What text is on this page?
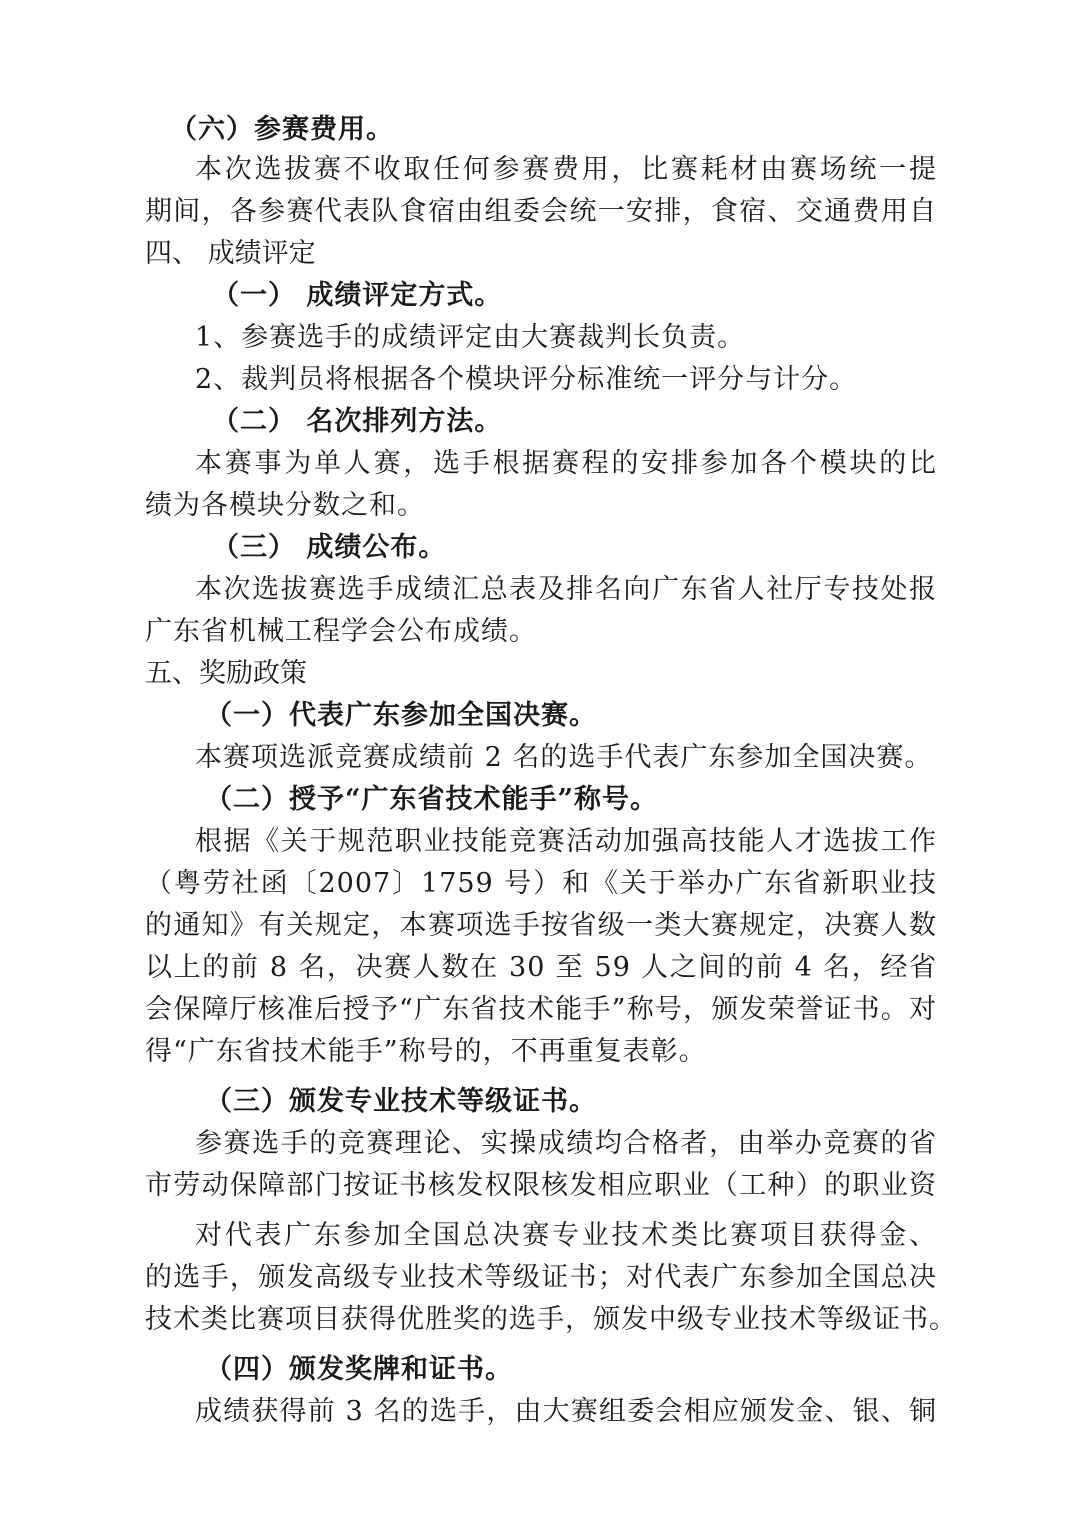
（六）参赛费用。
本次选拔赛不收取任何参赛费用，比赛耗材由赛场统一提
期间，各参赛代表队食宿由组委会统一安排，食宿、交通费用自
四、 成绩评定
（一） 成绩评定方式。
1、参赛选手的成绩评定由大赛裁判长负责。
2、裁判员将根据各个模块评分标准统一评分与计分。
（二） 名次排列方法。
本赛事为单人赛，选手根据赛程的安排参加各个模块的比
绩为各模块分数之和。
（三） 成绩公布。
本次选拔赛选手成绩汇总表及排名向广东省人社厅专技处报
广东省机械工程学会公布成绩。
五、奖励政策
（一）代表广东参加全国决赛。
本赛项选派竞赛成绩前 2 名的选手代表广东参加全国决赛。
（二）授予“广东省技术能手”称号。
根据《关于规范职业技能竞赛活动加强高技能人才选拔工作
（粤劳社函〔2007〕1759 号）和《关于举办广东省新职业技
的通知》有关规定，本赛项选手按省级一类大赛规定，决赛人数
以上的前 8 名，决赛人数在 30 至 59 人之间的前 4 名，经省
会保障厅核准后授予“广东省技术能手”称号，颁发荣誉证书。对
得“广东省技术能手”称号的，不再重复表彰。
（三）颁发专业技术等级证书。
参赛选手的竞赛理论、实操成绩均合格者，由举办竞赛的省
市劳动保障部门按证书核发权限核发相应职业（工种）的职业资
对代表广东参加全国总决赛专业技术类比赛项目获得金、
的选手，颁发高级专业技术等级证书；对代表广东参加全国总决
技术类比赛项目获得优胜奖的选手，颁发中级专业技术等级证书。
（四）颁发奖牌和证书。
成绩获得前 3 名的选手，由大赛组委会相应颁发金、银、铜
